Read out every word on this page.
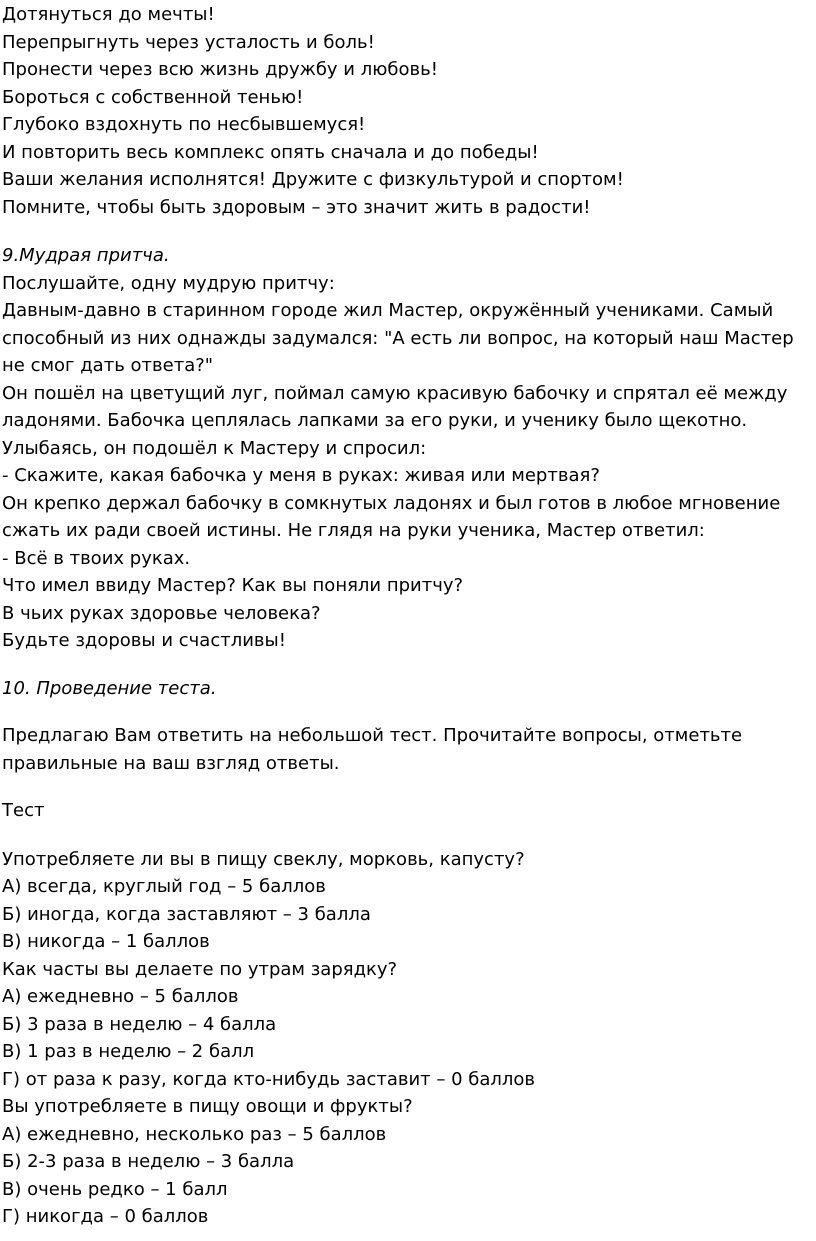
Дотянуться до мечты!
Перепрыгнуть через усталость и боль!
Пронести через всю жизнь дружбу и любовь!
Бороться с собственной тенью!
Глубоко вздохнуть по несбывшемуся!
И повторить весь комплекс опять сначала и до победы!
Ваши желания исполнятся! Дружите с физкультурой и спортом!
Помните, чтобы быть здоровым – это значит жить в радости!
9.Мудрая притча.
Послушайте, одну мудрую притчу:
Давным-давно в старинном городе жил Мастер, окружённый учениками. Самый
способный из них однажды задумался: "А есть ли вопрос, на который наш Мастер
не смог дать ответа?"
Он пошёл на цветущий луг, поймал самую красивую бабочку и спрятал её между
ладонями. Бабочка цеплялась лапками за его руки, и ученику было щекотно.
Улыбаясь, он подошёл к Мастеру и спросил:
- Скажите, какая бабочка у меня в руках: живая или мертвая?
Он крепко держал бабочку в сомкнутых ладонях и был готов в любое мгновение
сжать их ради своей истины. Не глядя на руки ученика, Мастер ответил:
- Всё в твоих руках.
Что имел ввиду Мастер? Как вы поняли притчу?
В чьих руках здоровье человека?
Будьте здоровы и счастливы!
10. Проведение теста.
Предлагаю Вам ответить на небольшой тест. Прочитайте вопросы, отметьте
правильные на ваш взгляд ответы.
Тест
Употребляете ли вы в пищу свеклу, морковь, капусту?
А) всегда, круглый год – 5 баллов
Б) иногда, когда заставляют – 3 балла
В) никогда – 1 баллов
Как часты вы делаете по утрам зарядку?
А) ежедневно – 5 баллов
Б) 3 раза в неделю – 4 балла
В) 1 раз в неделю – 2 балл
Г) от раза к разу, когда кто-нибудь заставит – 0 баллов
Вы употребляете в пищу овощи и фрукты?
А) ежедневно, несколько раз – 5 баллов
Б) 2-3 раза в неделю – 3 балла
В) очень редко – 1 балл
Г) никогда – 0 баллов
